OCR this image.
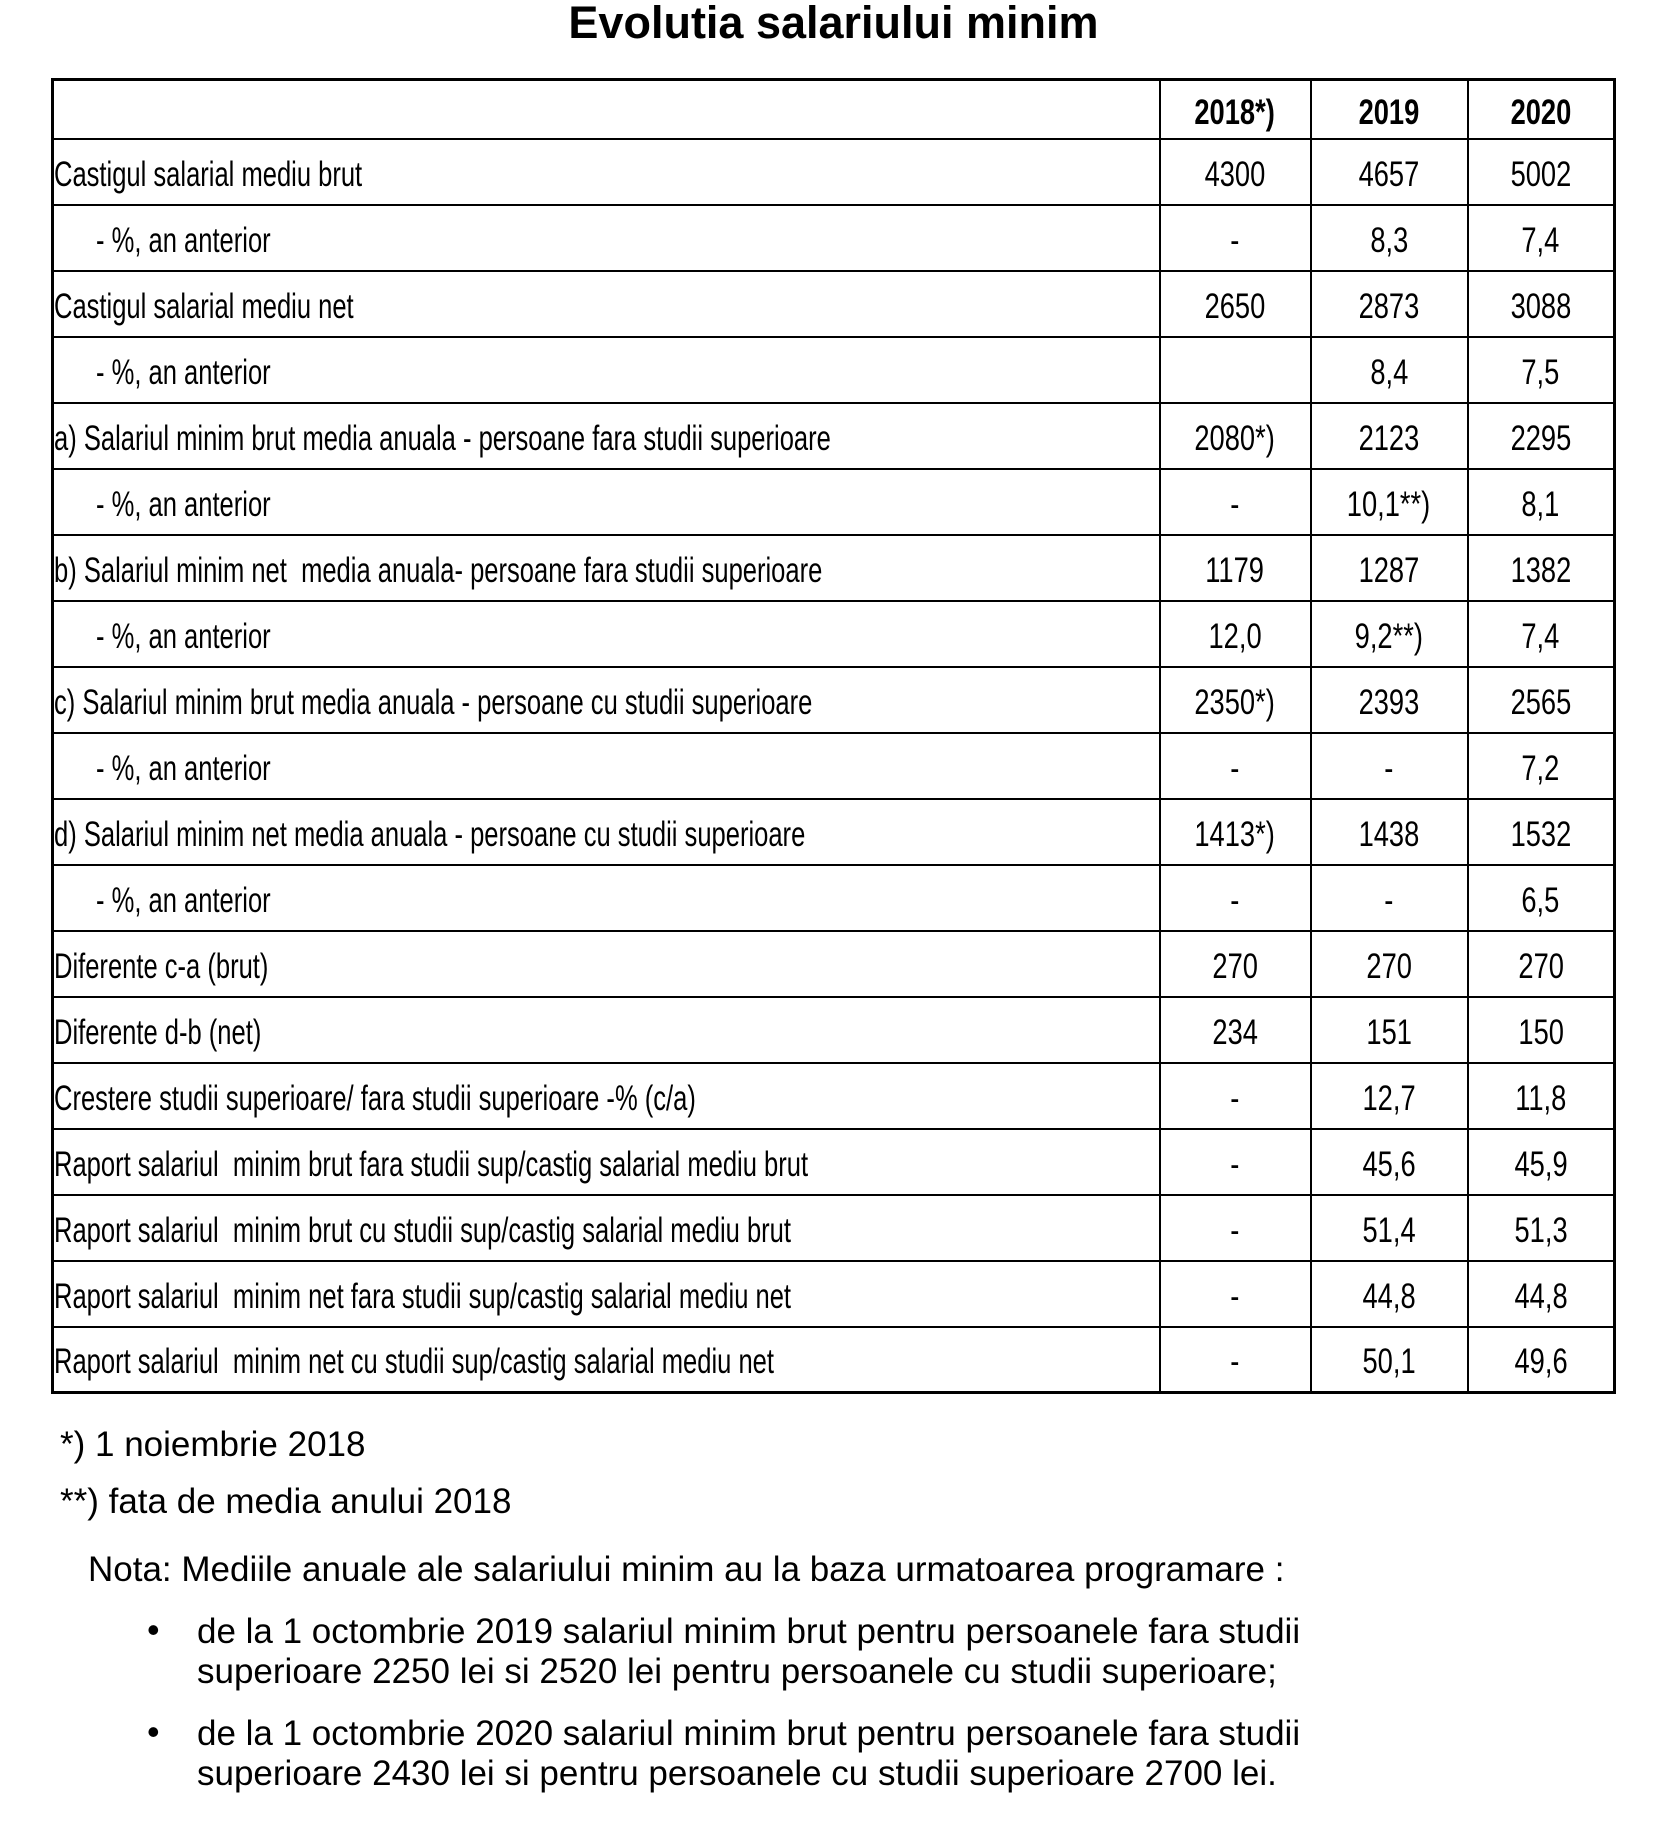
Evolutia salariului minim
	2018*)	2019	2020
Castigul salarial mediu brut	4300	4657	5002
- %, an anterior	-	8,3	7,4
Castigul salarial mediu net	2650	2873	3088
- %, an anterior		8,4	7,5
a) Salariul minim brut media anuala - persoane fara studii superioare	2080*)	2123	2295
- %, an anterior	-	10,1**)	8,1
b) Salariul minim net  media anuala- persoane fara studii superioare	1179	1287	1382
- %, an anterior	12,0	9,2**)	7,4
c) Salariul minim brut media anuala - persoane cu studii superioare	2350*)	2393	2565
- %, an anterior	-	-	7,2
d) Salariul minim net media anuala - persoane cu studii superioare	1413*)	1438	1532
- %, an anterior	-	-	6,5
Diferente c-a (brut)	270	270	270
Diferente d-b (net)	234	151	150
Crestere studii superioare/ fara studii superioare -% (c/a)	-	12,7	11,8
Raport salariul  minim brut fara studii sup/castig salarial mediu brut	-	45,6	45,9
Raport salariul  minim brut cu studii sup/castig salarial mediu brut	-	51,4	51,3
Raport salariul  minim net fara studii sup/castig salarial mediu net	-	44,8	44,8
Raport salariul  minim net cu studii sup/castig salarial mediu net	-	50,1	49,6
*) 1 noiembrie 2018
**) fata de media anului 2018
Nota: Mediile anuale ale salariului minim au la baza urmatoarea programare :
• de la 1 octombrie 2019 salariul minim brut pentru persoanele fara studii superioare 2250 lei si 2520 lei pentru persoanele cu studii superioare;
• de la 1 octombrie 2020 salariul minim brut pentru persoanele fara studii superioare 2430 lei si pentru persoanele cu studii superioare 2700 lei.
